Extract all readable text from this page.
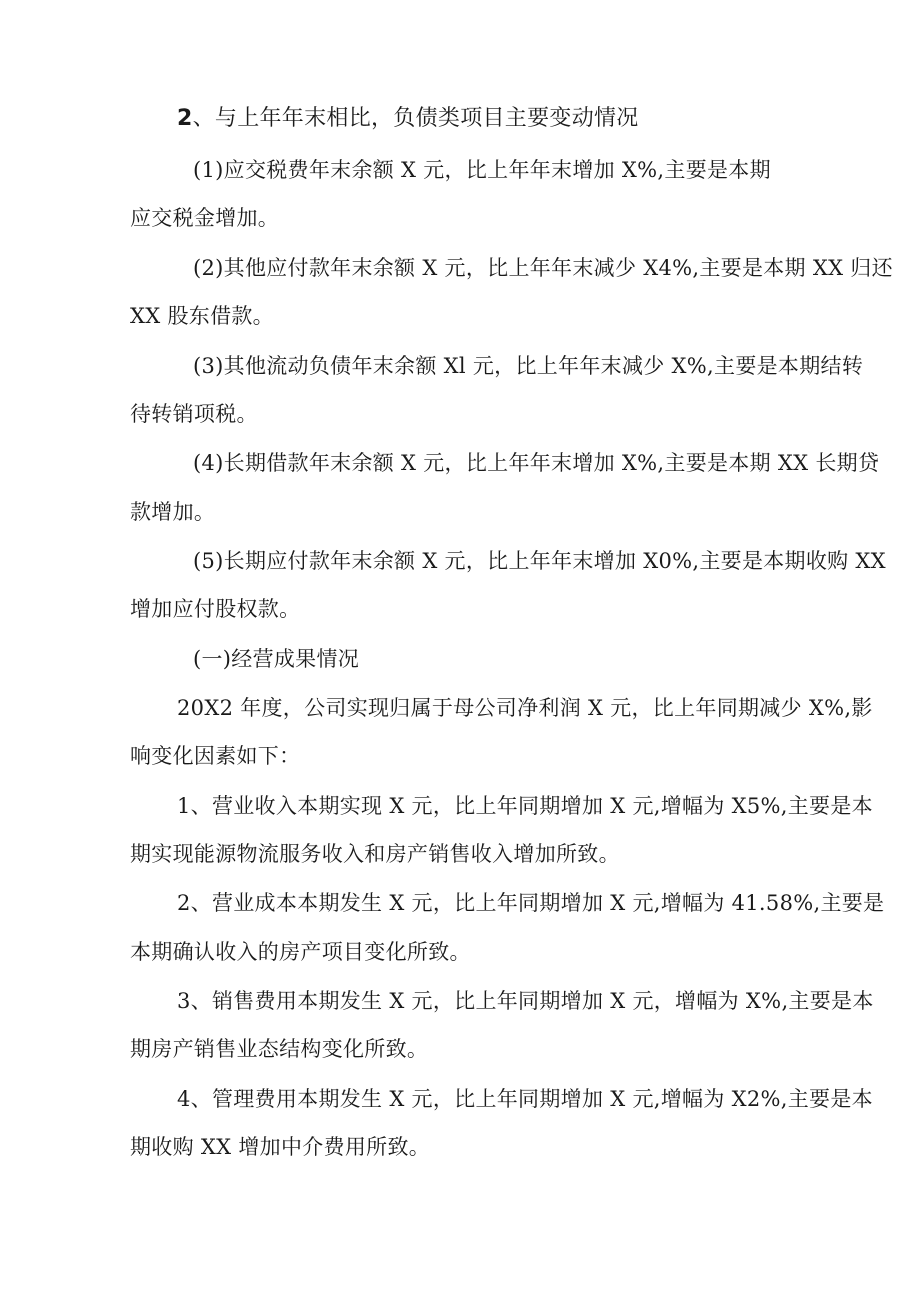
2、与上年年末相比，负债类项目主要变动情况

(1)应交税费年末余额 X 元，比上年年末增加 X%,主要是本期

应交税金增加。

(2)其他应付款年末余额 X 元，比上年年末减少 X4%,主要是本期 XX 归还

XX 股东借款。

(3)其他流动负债年末余额 Xl 元，比上年年末减少 X%,主要是本期结转

待转销项税。

(4)长期借款年末余额 X 元，比上年年末增加 X%,主要是本期 XX 长期贷

款增加。

(5)长期应付款年末余额 X 元，比上年年末增加 X0%,主要是本期收购 XX

增加应付股权款。

(一)经营成果情况

20X2 年度，公司实现归属于母公司净利润 X 元，比上年同期减少 X%,影

响变化因素如下：

1、营业收入本期实现 X 元，比上年同期增加 X 元,增幅为 X5%,主要是本

期实现能源物流服务收入和房产销售收入增加所致。

2、营业成本本期发生 X 元，比上年同期增加 X 元,增幅为 41.58%,主要是

本期确认收入的房产项目变化所致。

3、销售费用本期发生 X 元，比上年同期增加 X 元，增幅为 X%,主要是本

期房产销售业态结构变化所致。

4、管理费用本期发生 X 元，比上年同期增加 X 元,增幅为 X2%,主要是本

期收购 XX 增加中介费用所致。
